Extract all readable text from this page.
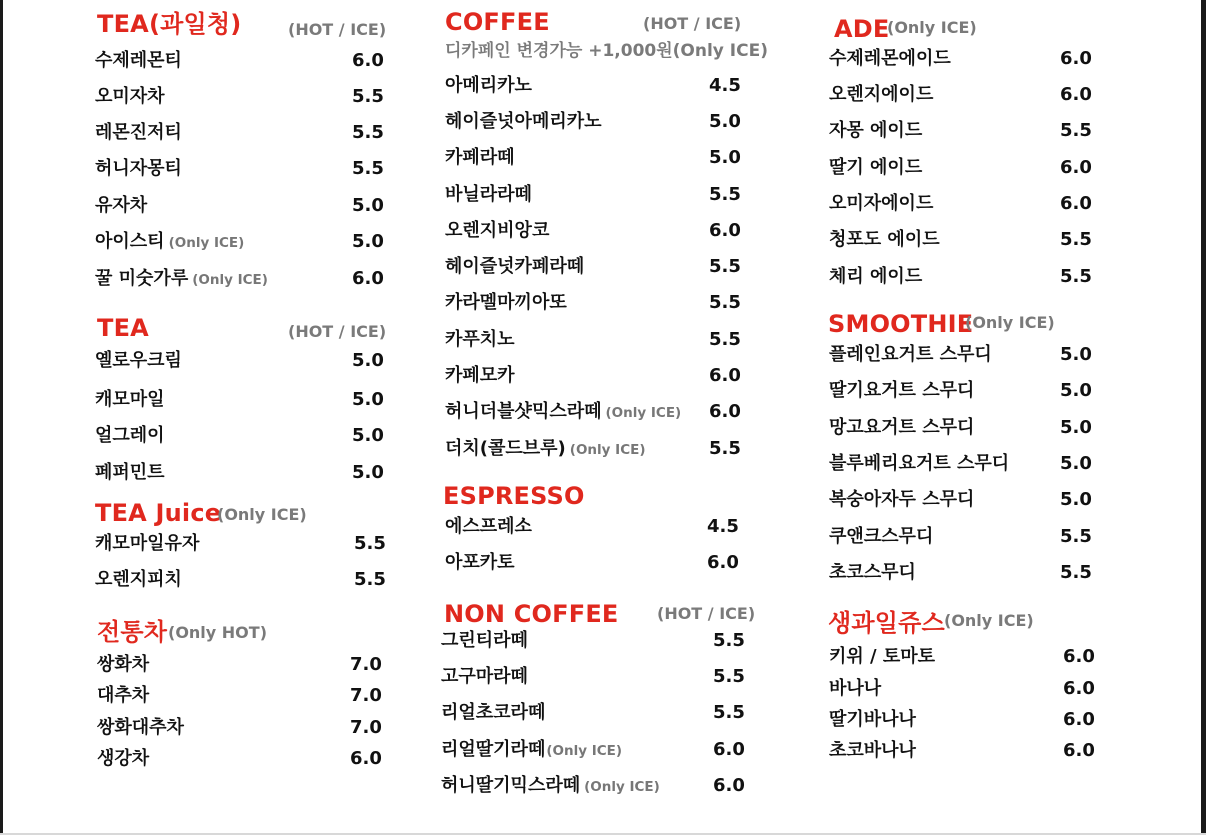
TEA(과일청)	(HOT / ICE)
수제레몬티	6.0
오미자차	5.5
레몬진저티	5.5
허니자몽티	5.5
유자차	5.0
아이스티 (Only ICE)	5.0
꿀 미숫가루 (Only ICE)	6.0
TEA	(HOT / ICE)
옐로우크림	5.0
캐모마일	5.0
얼그레이	5.0
페퍼민트	5.0
TEA Juice
(Only ICE)
캐모마일유자	5.5
오렌지피치	5.5
전통차 (Only HOT)
쌍화차	7.0
대추차	7.0
쌍화대추차	7.0
생강차	6.0
COFFEE	(HOT / ICE)
디카페인 변경가능 +1,000원(Only ICE)
아메리카노	4.5
헤이즐넛아메리카노	5.0
카페라떼	5.0
바닐라라떼	5.5
오렌지비앙코	6.0
헤이즐넛카페라떼	5.5
카라멜마끼아또	5.5
카푸치노	5.5
카페모카	6.0
허니더블샷믹스라떼 (Only ICE) 6.0
더치(콜드브루) (Only ICE)	5.5
ESPRESSO
에스프레소	4.5
아포카토	6.0
NON COFFEE (HOT / ICE)
그린티라떼	5.5
고구마라떼	5.5
리얼초코라떼	5.5
리얼딸기라떼(Only ICE)	6.0
허니딸기믹스라떼 (Only ICE)	6.0
ADE
(Only ICE)
수제레몬에이드	6.0
오렌지에이드	6.0
자몽 에이드	5.5
딸기 에이드	6.0
오미자에이드	6.0
청포도 에이드	5.5
체리 에이드	5.5
SMOOTHIE
(Only ICE)
플레인요거트 스무디	5.0
딸기요거트 스무디	5.0
망고요거트 스무디	5.0
블루베리요거트 스무디	5.0
복숭아자두 스무디	5.0
쿠앤크스무디	5.5
초코스무디	5.5
생과일쥬스 (Only ICE)
키위 / 토마토	6.0
바나나	6.0
딸기바나나	6.0
초코바나나	6.0
